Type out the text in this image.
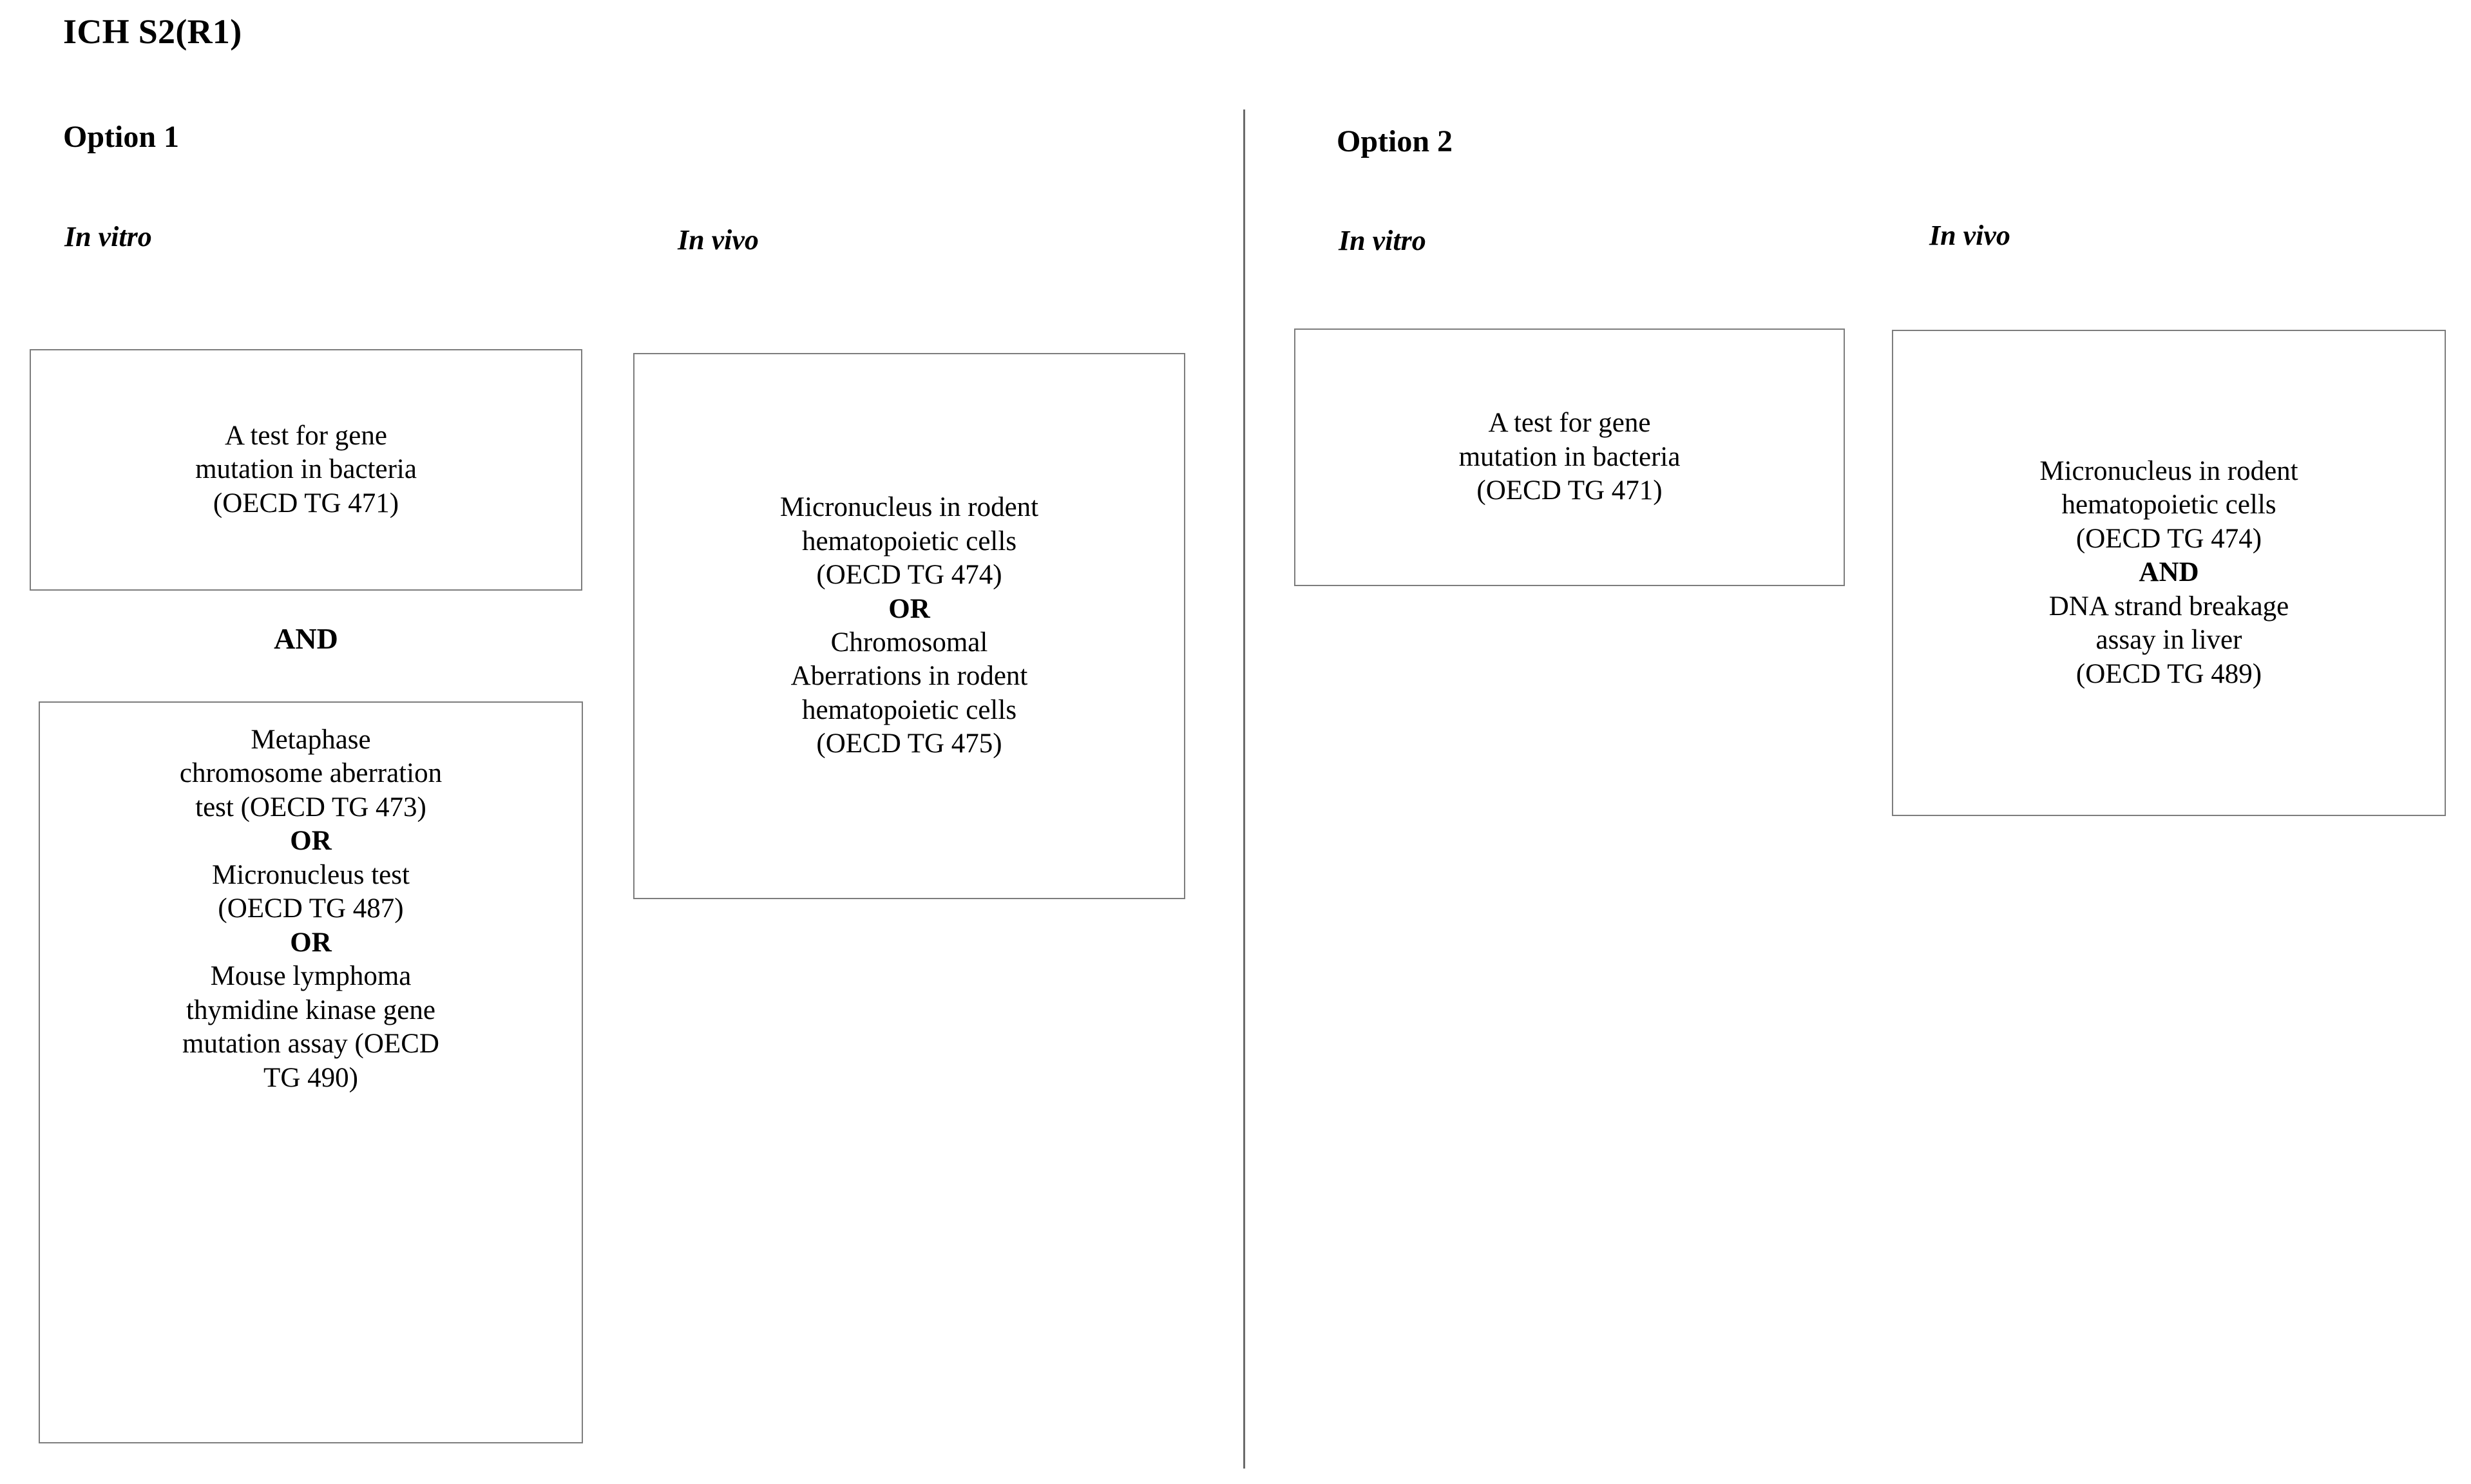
ICH S2(R1)
Option 1
In vitro	In vivo
A test for gene
mutation in bacteria
(OECD TG 471)
AND
Metaphase
chromosome aberration
test (OECD TG 473)
OR
Micronucleus test
(OECD TG 487)
OR
Mouse lymphoma
thymidine kinase gene
mutation assay (OECD
TG 490)
Micronucleus in rodent
hematopoietic cells
(OECD TG 474)
OR
Chromosomal
Aberrations in rodent
hematopoietic cells
(OECD TG 475)
Option 2
In vitro	In vivo
A test for gene
mutation in bacteria
(OECD TG 471)
Micronucleus in rodent
hematopoietic cells
(OECD TG 474)
AND
DNA strand breakage
assay in liver
(OECD TG 489)
